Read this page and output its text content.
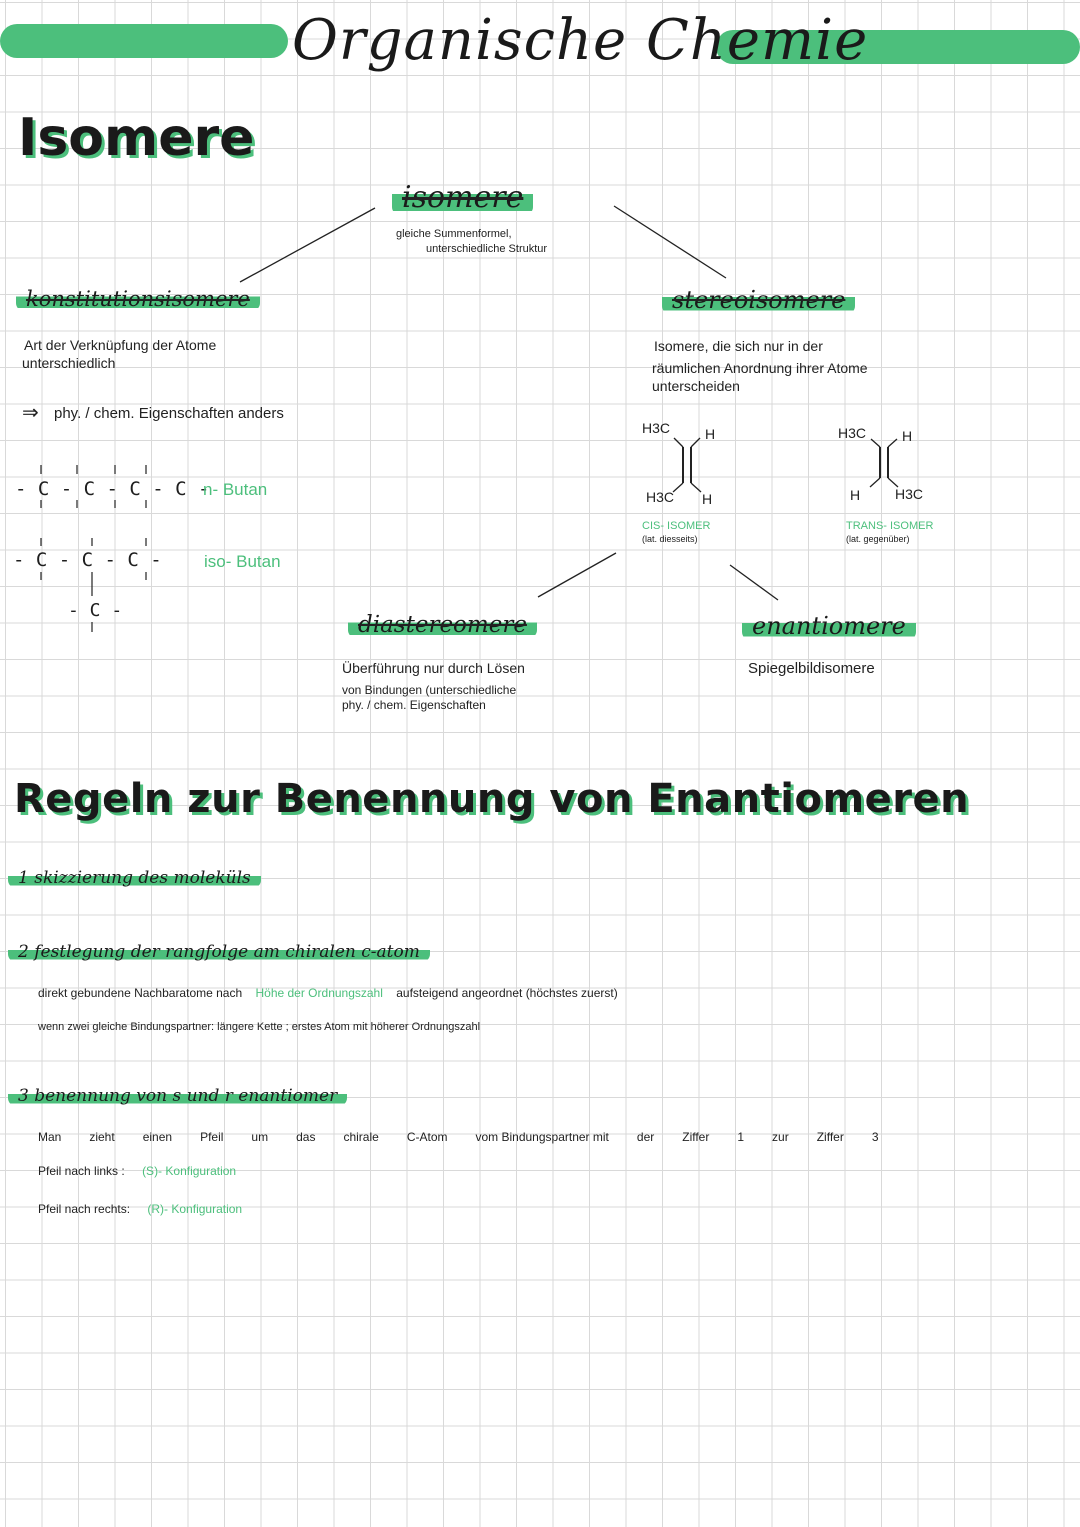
Organische Chemie
Isomere
isomere
gleiche Summenformel,
unterschiedliche Struktur
konstitutionsisomere
Art der Verknüpfung der Atome
unterschiedlich
⇒ phy. / chem. Eigenschaften anders
- C - C - C - C -
n- Butan
- C - C - C -
- C -
iso- Butan
stereoisomere
Isomere, die sich nur in der
räumlichen Anordnung ihrer Atome
unterscheiden
H3C H
H3C H
CIS- ISOMER
(lat. diesseits)
H3C	H
H H3C
TRANS- ISOMER
(lat. gegenüber)
diastereomere
Überführung nur durch Lösen
von Bindungen (unterschiedliche
phy. / chem. Eigenschaften
enantiomere
Spiegelbildisomere
Regeln zur Benennung von Enantiomeren
1 skizzierung des moleküls
2 festlegung der rangfolge am chiralen c-atom
direkt gebundene Nachbaratome nach Höhe der Ordnungszahl aufsteigend angeordnet (höchstes zuerst)
wenn zwei gleiche Bindungspartner: längere Kette ; erstes Atom mit höherer Ordnungszahl
3 benennung von s und r enantiomer
Man zieht einen Pfeil um das chirale C-Atom vom Bindungspartner mit der Ziffer 1 zur Ziffer 3
Pfeil nach links : (S)- Konfiguration
Pfeil nach rechts: (R)- Konfiguration
